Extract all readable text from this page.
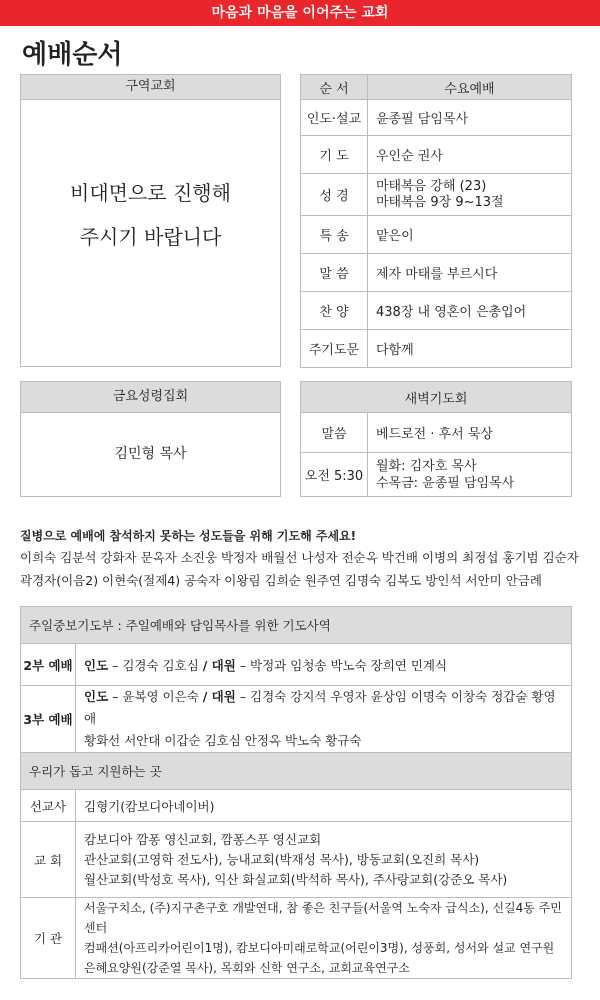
마음과 마음을 이어주는 교회
예배순서
구역교회
비대면으로 진행해
주시기 바랍니다
순 서	수요예배
인도·설교	윤종필 담임목사
기 도	우인순 권사
성 경	마태복음 강해 (23)
마태복음 9장 9~13절

특 송	맡은이
말 씀	제자 마태를 부르시다
찬 양	438장 내 영혼이 은총입어
주기도문	다함께
금요성령집회
김민형 목사
새벽기도회	
말씀	베드로전 · 후서 묵상
오전 5:30	월화: 김자호 목사
수목금: 윤종필 담임목사
질병으로 예배에 참석하지 못하는 성도들을 위해 기도해 주세요!
이희숙 김분석 강화자 문옥자 소진웅 박정자 배월선 나성자 전순옥 박건배 이병의 최정섭 홍기범 김순자
곽경자(이음2) 이현숙(절제4) 공숙자 이왕림 김희순 원주연 김명숙 김복도 방인석 서안미 안금례
주일중보기도부 : 주일예배와 담임목사를 위한 기도사역	
2부 예배	인도 – 김경숙 김호심 / 대원 – 박정과 임청송 박노숙 장희연 민계식
3부 예배	인도 – 윤복영 이은숙 / 대원 – 김경숙 강지석 우영자 윤상임 이명숙 이창숙 정갑술 황영애
황화선 서안대 이갑순 김호심 안정옥 박노숙 황규숙

우리가 돕고 지원하는 곳	
선교사	김형기(캄보디아네이버)
교 회	캄보디아 깜퐁 영신교회, 깜퐁스푸 영신교회
관산교회(고영학 전도사), 능내교회(박재성 목사), 방동교회(오진희 목사)
월산교회(박성호 목사), 익산 화실교회(박석하 목사), 주사랑교회(강준오 목사)

기 관	서울구치소, (주)지구촌구호 개발연대, 참 좋은 친구들(서울역 노숙자 급식소), 신길4동 주민센터
컴패션(아프리카어린이1명), 캄보디아미래로학교(어린이3명), 성풍회, 성서와 설교 연구원
은혜요양원(강준열 목사), 목회와 신학 연구소, 교회교육연구소
